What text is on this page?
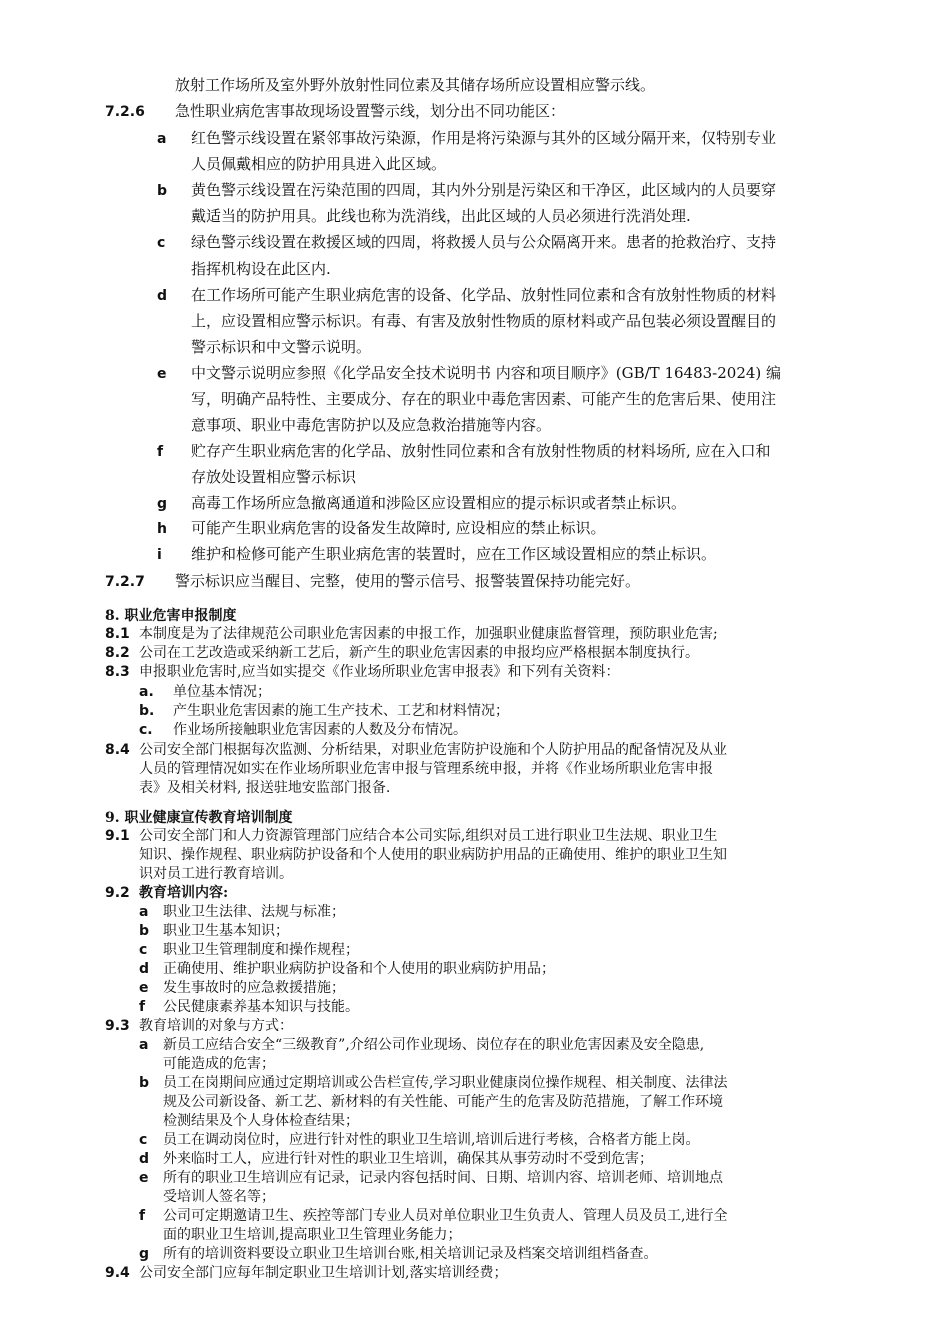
放射工作场所及室外野外放射性同位素及其储存场所应设置相应警示线。
7.2.6 急性职业病危害事故现场设置警示线，划分出不同功能区：
a 红色警示线设置在紧邻事故污染源，作用是将污染源与其外的区域分隔开来，仅特别专业
人员佩戴相应的防护用具进入此区域。
b 黄色警示线设置在污染范围的四周，其内外分别是污染区和干净区，此区域内的人员要穿
戴适当的防护用具。此线也称为洗消线，出此区域的人员必须进行洗消处理.
c 绿色警示线设置在救援区域的四周，将救援人员与公众隔离开来。患者的抢救治疗、支持
指挥机构设在此区内.
d 在工作场所可能产生职业病危害的设备、化学品、放射性同位素和含有放射性物质的材料
上，应设置相应警示标识。有毒、有害及放射性物质的原材料或产品包装必须设置醒目的
警示标识和中文警示说明。
e 中文警示说明应参照《化学品安全技术说明书 内容和项目顺序》(GB/T 16483-2024) 编
写，明确产品特性、主要成分、存在的职业中毒危害因素、可能产生的危害后果、使用注
意事项、职业中毒危害防护以及应急救治措施等内容。
f 贮存产生职业病危害的化学品、放射性同位素和含有放射性物质的材料场所, 应在入口和
存放处设置相应警示标识
g 高毒工作场所应急撤离通道和涉险区应设置相应的提示标识或者禁止标识。
h 可能产生职业病危害的设备发生故障时, 应设相应的禁止标识。
i 维护和检修可能产生职业病危害的装置时，应在工作区域设置相应的禁止标识。
7.2.7 警示标识应当醒目、完整，使用的警示信号、报警装置保持功能完好。
8. 职业危害申报制度
8.1 本制度是为了法律规范公司职业危害因素的申报工作，加强职业健康监督管理，预防职业危害;
8.2 公司在工艺改造或采纳新工艺后，新产生的职业危害因素的申报均应严格根据本制度执行。
8.3 申报职业危害时,应当如实提交《作业场所职业危害申报表》和下列有关资料：
a. 单位基本情况；
b. 产生职业危害因素的施工生产技术、工艺和材料情况；
c. 作业场所接触职业危害因素的人数及分布情况。
8.4 公司安全部门根据每次监测、分析结果，对职业危害防护设施和个人防护用品的配备情况及从业
人员的管理情况如实在作业场所职业危害申报与管理系统申报，并将《作业场所职业危害申报
表》及相关材料, 报送驻地安监部门报备.
9. 职业健康宣传教育培训制度
9.1 公司安全部门和人力资源管理部门应结合本公司实际,组织对员工进行职业卫生法规、职业卫生
知识、操作规程、职业病防护设备和个人使用的职业病防护用品的正确使用、维护的职业卫生知
识对员工进行教育培训。
9.2 教育培训内容:
a 职业卫生法律、法规与标准；
b 职业卫生基本知识；
c 职业卫生管理制度和操作规程；
d 正确使用、维护职业病防护设备和个人使用的职业病防护用品；
e 发生事故时的应急救援措施；
f 公民健康素养基本知识与技能。
9.3 教育培训的对象与方式：
a 新员工应结合安全“三级教育”,介绍公司作业现场、岗位存在的职业危害因素及安全隐患,
可能造成的危害；
b 员工在岗期间应通过定期培训或公告栏宣传,学习职业健康岗位操作规程、相关制度、法律法
规及公司新设备、新工艺、新材料的有关性能、可能产生的危害及防范措施，了解工作环境
检测结果及个人身体检查结果；
c 员工在调动岗位时，应进行针对性的职业卫生培训,培训后进行考核，合格者方能上岗。
d 外来临时工人，应进行针对性的职业卫生培训，确保其从事劳动时不受到危害；
e 所有的职业卫生培训应有记录，记录内容包括时间、日期、培训内容、培训老师、培训地点
受培训人签名等；
f 公司可定期邀请卫生、疾控等部门专业人员对单位职业卫生负责人、管理人员及员工,进行全
面的职业卫生培训,提高职业卫生管理业务能力；
g 所有的培训资料要设立职业卫生培训台账,相关培训记录及档案交培训组档备查。
9.4 公司安全部门应每年制定职业卫生培训计划,落实培训经费；
